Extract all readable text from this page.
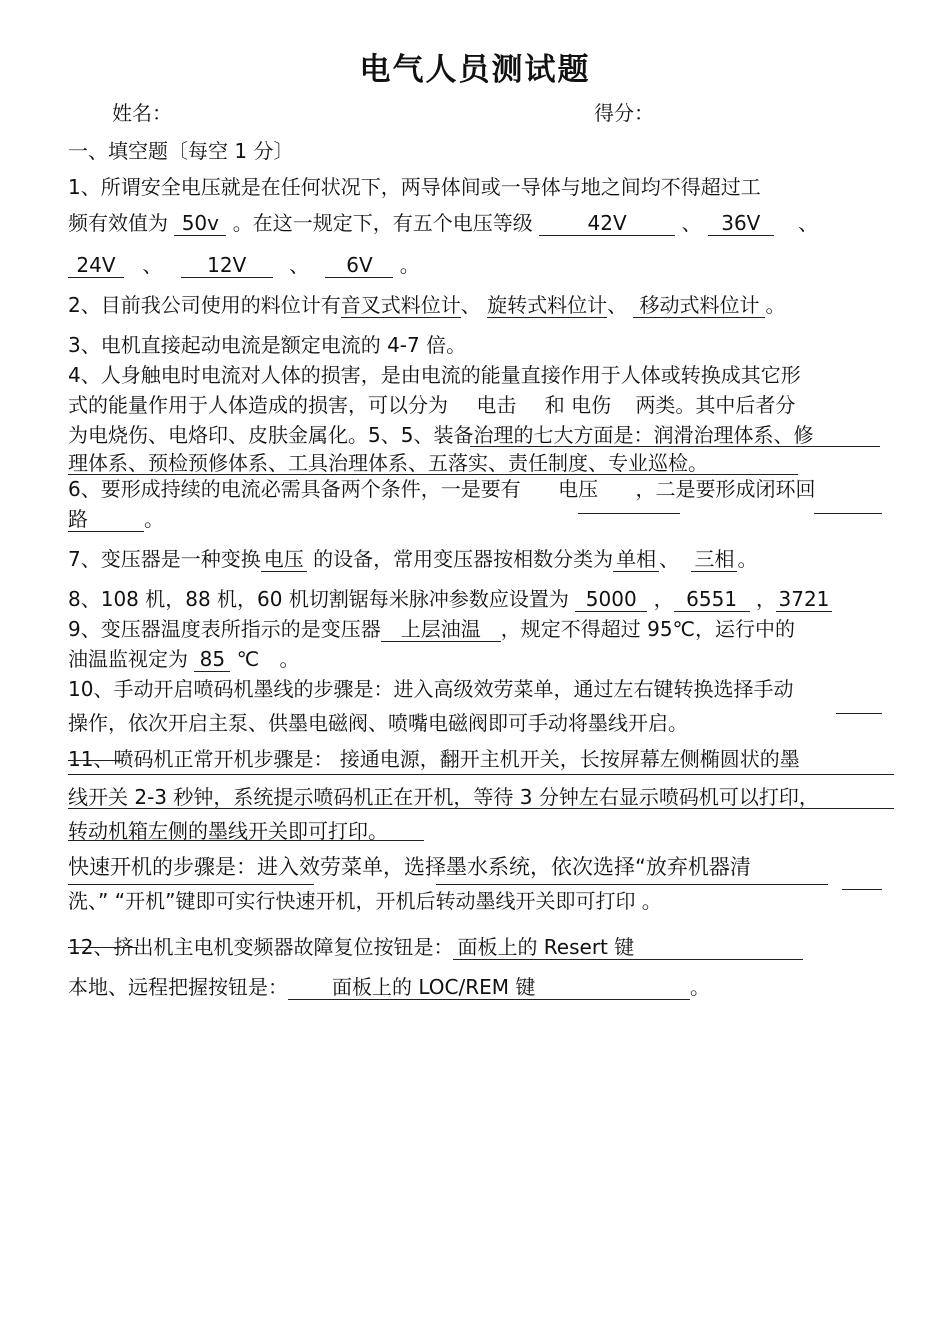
电气人员测试题
姓名：	得分：
一、填空题〔每空 1 分〕
1、所谓安全电压就是在任何状况下，两导体间或一导体与地之间均不得超过工
频有效值为 50v 。在这一规定下，有五个电压等级	42V	、 36V 、
24V 、 12V 、 6V 。
2、目前我公司使用的料位计有音叉式料位计、 旋转式料位计、 移动式料位计 。
3、电机直接起动电流是额定电流的 4-7 倍。
4、人身触电时电流对人体的损害，是由电流的能量直接作用于人体或转换成其它形
式的能量作用于人体造成的损害，可以分为 电击 和 电伤 两类。其中后者分
为电烧伤、电烙印、皮肤金属化。5、5、装备治理的七大方面是：润滑治理体系、修
理体系、预检预修体系、工具治理体系、五落实、责任制度、专业巡检。
6、要形成持续的电流必需具备两个条件，一是要有 电压 ，二是要形成闭环回
路	。
7、变压器是一种变换 电压 的设备，常用变压器按相数分类为 单相 、 三相 。
8、108 机，88 机，60 机切割锯每米脉冲参数应设置为 5000 ， 6551 ， 3721
9、变压器温度表所指示的是变压器 上层油温 ，规定不得超过 95℃，运行中的
油温监视定为 85 ℃ 。
10、手动开启喷码机墨线的步骤是：进入高级效劳菜单，通过左右键转换选择手动
操作，依次开启主泵、供墨电磁阀、喷嘴电磁阀即可手动将墨线开启。
11、喷码机正常开机步骤是： 接通电源，翻开主机开关，长按屏幕左侧椭圆状的墨
线开关 2-3 秒钟，系统提示喷码机正在开机，等待 3 分钟左右显示喷码机可以打印，
转动机箱左侧的墨线开关即可打印。
快速开机的步骤是：进入效劳菜单，选择墨水系统，依次选择“放弃机器清
洗、” “开机”键即可实行快速开机，开机后转动墨线开关即可打印 。
12、挤出机主电机变频器故障复位按钮是： 面板上的 Resert 键
本地、远程把握按钮是： 面板上的 LOC/REM 键	。
